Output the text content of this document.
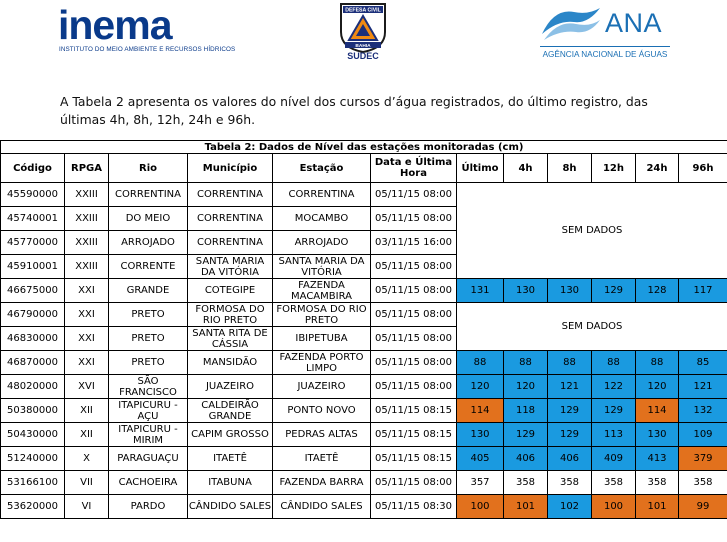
inema
INSTITUTO DO MEIO AMBIENTE E RECURSOS HÍDRICOS
DEFESA CIVIL
BAHIA
SUDEC
ANA
AGÊNCIA NACIONAL DE ÁGUAS
A Tabela 2 apresenta os valores do nível dos cursos d’água registrados, do último registro, das últimas 4h, 8h, 12h, 24h e 96h.
Tabela 2: Dados de Nível das estações monitoradas (cm)											
Código	RPGA	Rio	Município	Estação	Data e Última Hora	Último	4h	8h	12h	24h	96h
45590000	XXIII	CORRENTINA	CORRENTINA	CORRENTINA	05/11/15 08:00	SEM DADOS					
45740001	XXIII	DO MEIO	CORRENTINA	MOCAMBO	05/11/15 08:00						
45770000	XXIII	ARROJADO	CORRENTINA	ARROJADO	03/11/15 16:00						
45910001	XXIII	CORRENTE	SANTA MARIA DA VITÓRIA	SANTA MARIA DA VITÓRIA	05/11/15 08:00						
46675000	XXI	GRANDE	COTEGIPE	FAZENDA MACAMBIRA	05/11/15 08:00	131	130	130	129	128	117
46790000	XXI	PRETO	FORMOSA DO RIO PRETO	FORMOSA DO RIO PRETO	05/11/15 08:00	SEM DADOS					
46830000	XXI	PRETO	SANTA RITA DE CÁSSIA	IBIPETUBA	05/11/15 08:00						
46870000	XXI	PRETO	MANSIDÃO	FAZENDA PORTO LIMPO	05/11/15 08:00	88	88	88	88	88	85
48020000	XVI	SÃO FRANCISCO	JUAZEIRO	JUAZEIRO	05/11/15 08:00	120	120	121	122	120	121
50380000	XII	ITAPICURU - AÇU	CALDEIRÃO GRANDE	PONTO NOVO	05/11/15 08:15	114	118	129	129	114	132
50430000	XII	ITAPICURU - MIRIM	CAPIM GROSSO	PEDRAS ALTAS	05/11/15 08:15	130	129	129	113	130	109
51240000	X	PARAGUAÇU	ITAETÊ	ITAETÊ	05/11/15 08:15	405	406	406	409	413	379
53166100	VII	CACHOEIRA	ITABUNA	FAZENDA BARRA	05/11/15 08:00	357	358	358	358	358	358
53620000	VI	PARDO	CÂNDIDO SALES	CÂNDIDO SALES	05/11/15 08:30	100	101	102	100	101	99
